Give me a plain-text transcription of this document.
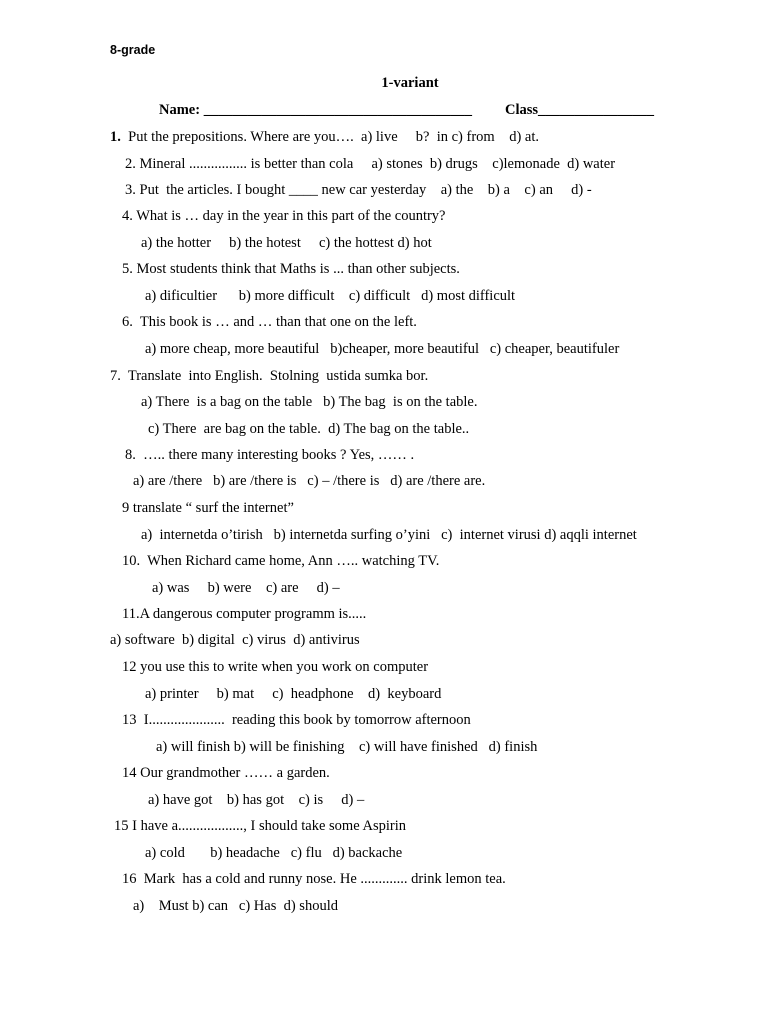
8-grade
1-variant
Name: _____________________________________ Class________________
1.  Put the prepositions. Where are you….  a) live     b?  in c) from    d) at.
2. Mineral ................ is better than cola     a) stones  b) drugs    c)lemonade  d) water
3. Put  the articles. I bought ____ new car yesterday    a) the    b) a    c) an     d) -
4. What is … day in the year in this part of the country?
a) the hotter     b) the hotest     c) the hottest d) hot
5. Most students think that Maths is ... than other subjects.
a) dificultier      b) more difficult    c) difficult   d) most difficult
6.  This book is … and … than that one on the left.
a) more cheap, more beautiful   b)cheaper, more beautiful   c) cheaper, beautifuler
7.  Translate  into English.  Stolning  ustida sumka bor.
a) There  is a bag on the table   b) The bag  is on the table.
c) There  are bag on the table.  d) The bag on the table..
8.  ….. there many interesting books ? Yes, …… .
a) are /there   b) are /there is   c) – /there is   d) are /there are.
9 translate “ surf the internet”
a)  internetda o’tirish   b) internetda surfing o’yini   c)  internet virusi d) aqqli internet
10.  When Richard came home, Ann ….. watching TV.
a) was     b) were    c) are     d) –
11.A dangerous computer programm is.....
a) software  b) digital  c) virus  d) antivirus
12 you use this to write when you work on computer
a) printer     b) mat     c)  headphone    d)  keyboard
13  I.....................  reading this book by tomorrow afternoon
a) will finish b) will be finishing    c) will have finished   d) finish
14 Our grandmother …… a garden.
a) have got    b) has got    c) is     d) –
15 I have a.................., I should take some Aspirin
a) cold       b) headache   c) flu   d) backache
16  Mark  has a cold and runny nose. He ............. drink lemon tea.
a)    Must b) can   c) Has  d) should
